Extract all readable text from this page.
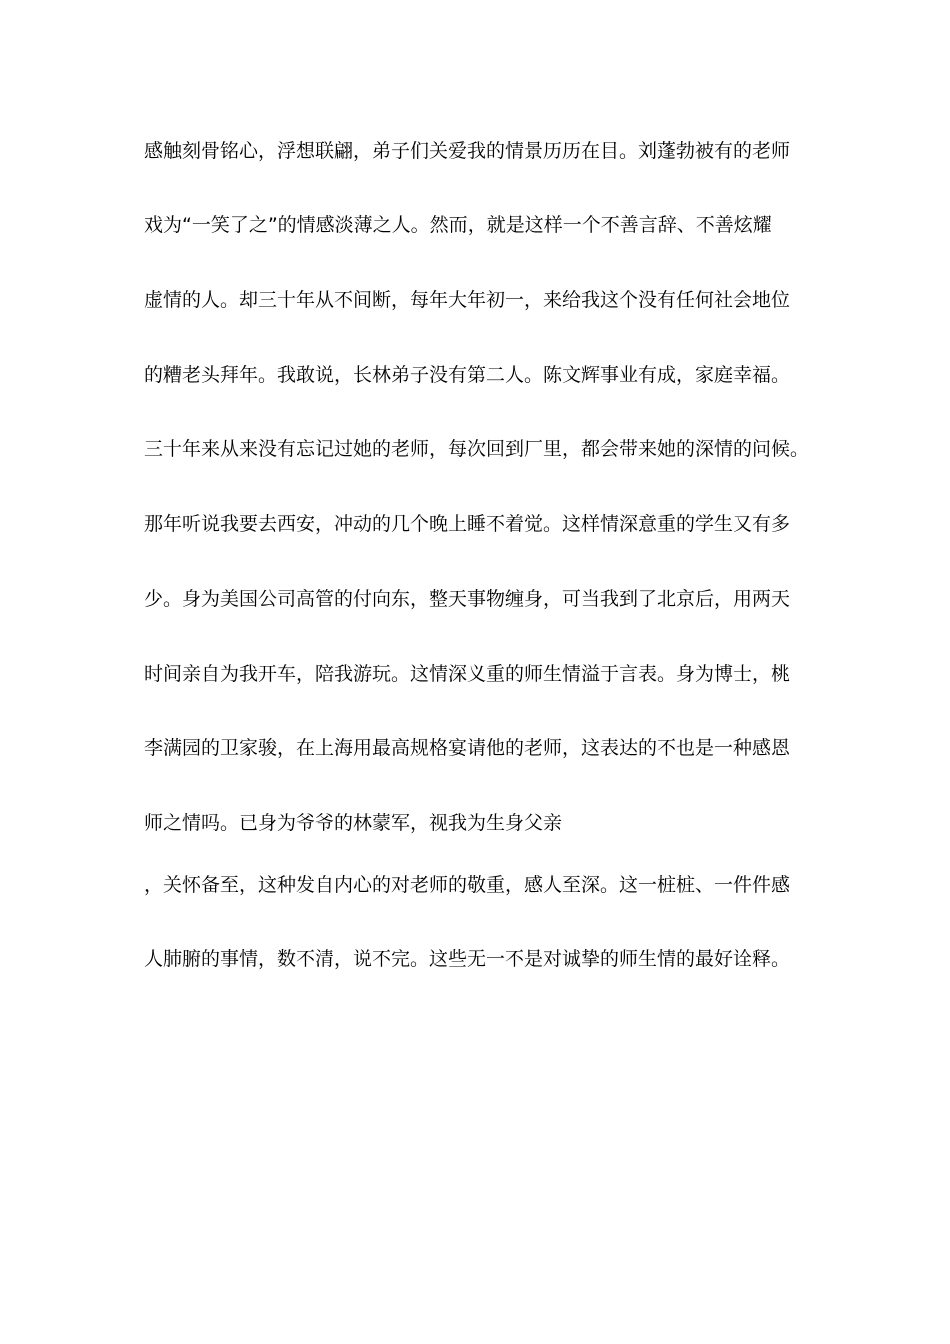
感触刻骨铭心，浮想联翩，弟子们关爱我的情景历历在目。刘蓬勃被有的老师
戏为“一笑了之”的情感淡薄之人。然而，就是这样一个不善言辞、不善炫耀
虚情的人。却三十年从不间断，每年大年初一，来给我这个没有任何社会地位
的糟老头拜年。我敢说，长林弟子没有第二人。陈文辉事业有成，家庭幸福。
三十年来从来没有忘记过她的老师，每次回到厂里，都会带来她的深情的问候。
那年听说我要去西安，冲动的几个晚上睡不着觉。这样情深意重的学生又有多
少。身为美国公司高管的付向东，整天事物缠身，可当我到了北京后，用两天
时间亲自为我开车，陪我游玩。这情深义重的师生情溢于言表。身为博士，桃
李满园的卫家骏，在上海用最高规格宴请他的老师，这表达的不也是一种感恩
师之情吗。已身为爷爷的林蒙军，视我为生身父亲
，关怀备至，这种发自内心的对老师的敬重，感人至深。这一桩桩、一件件感
人肺腑的事情，数不清，说不完。这些无一不是对诚挚的师生情的最好诠释。
